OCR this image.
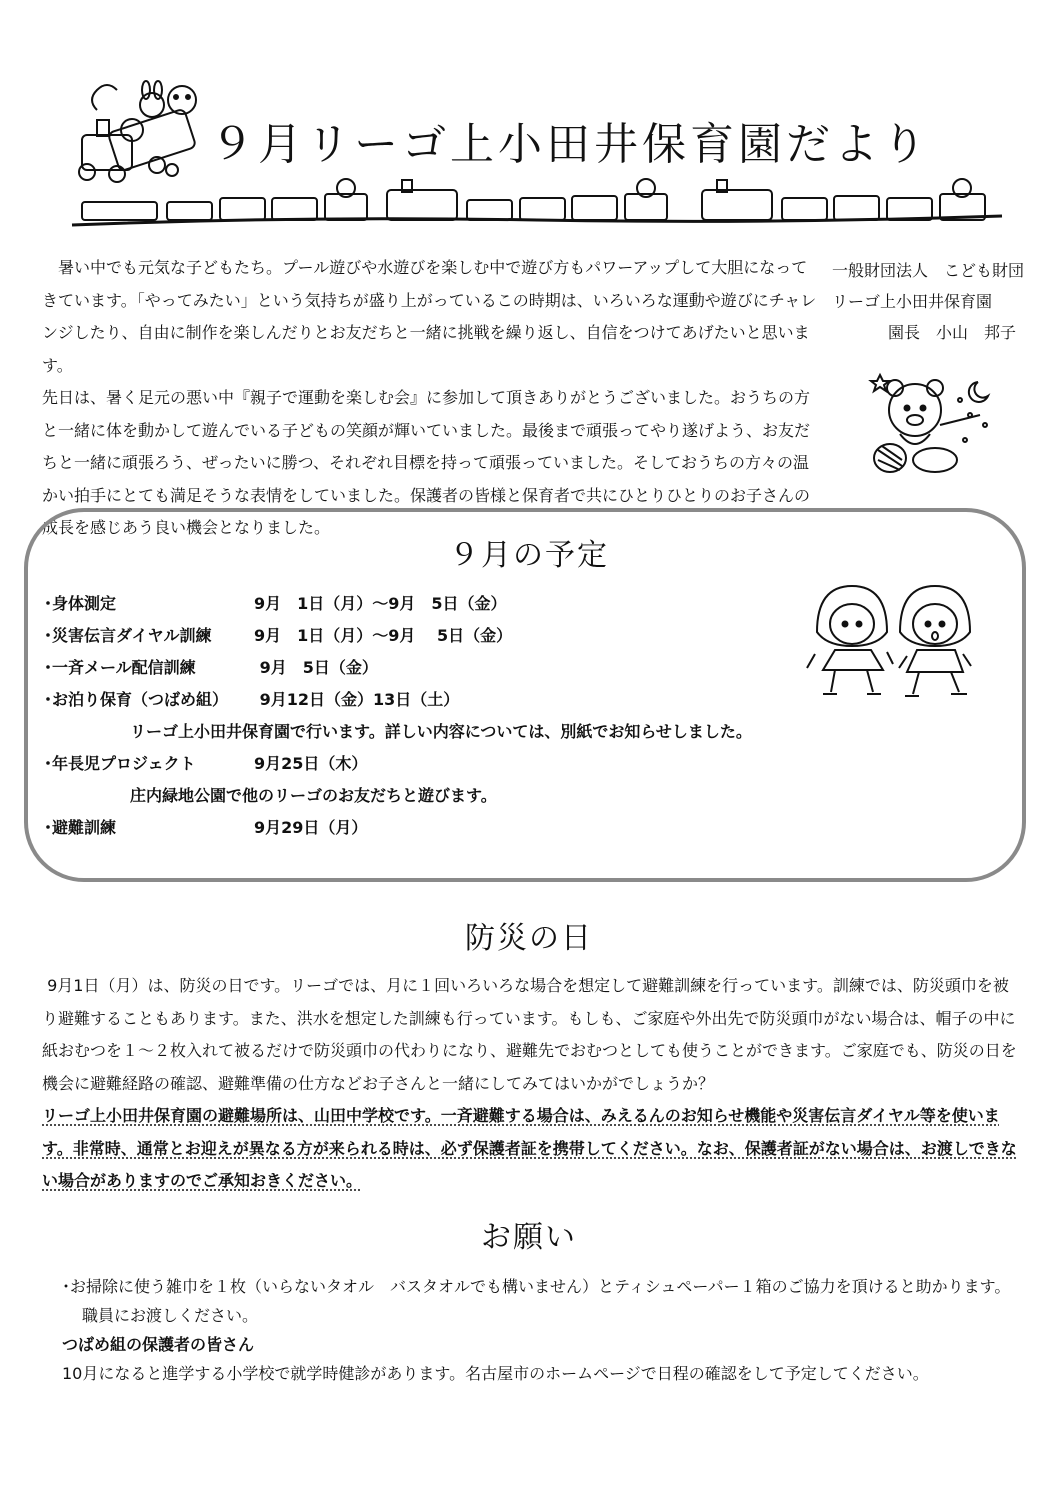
９月リーゴ上小田井保育園だより

　暑い中でも元気な子どもたち。プール遊びや水遊びを楽しむ中で遊び方もパワーアップして大胆になってきています。「やってみたい」という気持ちが盛り上がっているこの時期は、いろいろな運動や遊びにチャレンジしたり、自由に制作を楽しんだりとお友だちと一緒に挑戦を繰り返し、自信をつけてあげたいと思います。

先日は、暑く足元の悪い中『親子で運動を楽しむ会』に参加して頂きありがとうございました。おうちの方と一緒に体を動かして遊んでいる子どもの笑顔が輝いていました。最後まで頑張ってやり遂げよう、お友だちと一緒に頑張ろう、ぜったいに勝つ、それぞれ目標を持って頑張っていました。そしておうちの方々の温かい拍手にとても満足そうな表情をしていました。保護者の皆様と保育者で共にひとりひとりのお子さんの成長を感じあう良い機会となりました。

一般財団法人　こども財団
リーゴ上小田井保育園
園長　小山　邦子
９月の予定
･身体測定	9月　1日（月）～9月　5日（金）
･災害伝言ダイヤル訓練	9月　1日（月）～9月　 5日（金）
･一斉メール配信訓練	9月　5日（金）
･お泊り保育（つばめ組） 9月12日（金）13日（土）
リーゴ上小田井保育園で行います。詳しい内容については、別紙でお知らせしました。
･年長児プロジェクト	9月25日（木）
庄内緑地公園で他のリーゴのお友だちと遊びます。
･避難訓練	9月29日（月）
防災の日

9月1日（月）は、防災の日です。リーゴでは、月に１回いろいろな場合を想定して避難訓練を行っています。訓練では、防災頭巾を被り避難することもあります。また、洪水を想定した訓練も行っています。もしも、ご家庭や外出先で防災頭巾がない場合は、帽子の中に紙おむつを１～２枚入れて被るだけで防災頭巾の代わりになり、避難先でおむつとしても使うことができます。ご家庭でも、防災の日を機会に避難経路の確認、避難準備の仕方などお子さんと一緒にしてみてはいかがでしょうか？

リーゴ上小田井保育園の避難場所は、山田中学校です。一斉避難する場合は、みえるんのお知らせ機能や災害伝言ダイヤル等を使います。非常時、通常とお迎えが異なる方が来られる時は、必ず保護者証を携帯してください。なお、保護者証がない場合は、お渡しできない場合がありますのでご承知おきください。

お願い

･お掃除に使う雑巾を１枚（いらないタオル　バスタオルでも構いません）とティシュペーパー１箱のご協力を頂けると助かります。

職員にお渡しください。

つばめ組の保護者の皆さん

10月になると進学する小学校で就学時健診があります。名古屋市のホームページで日程の確認をして予定してください。
